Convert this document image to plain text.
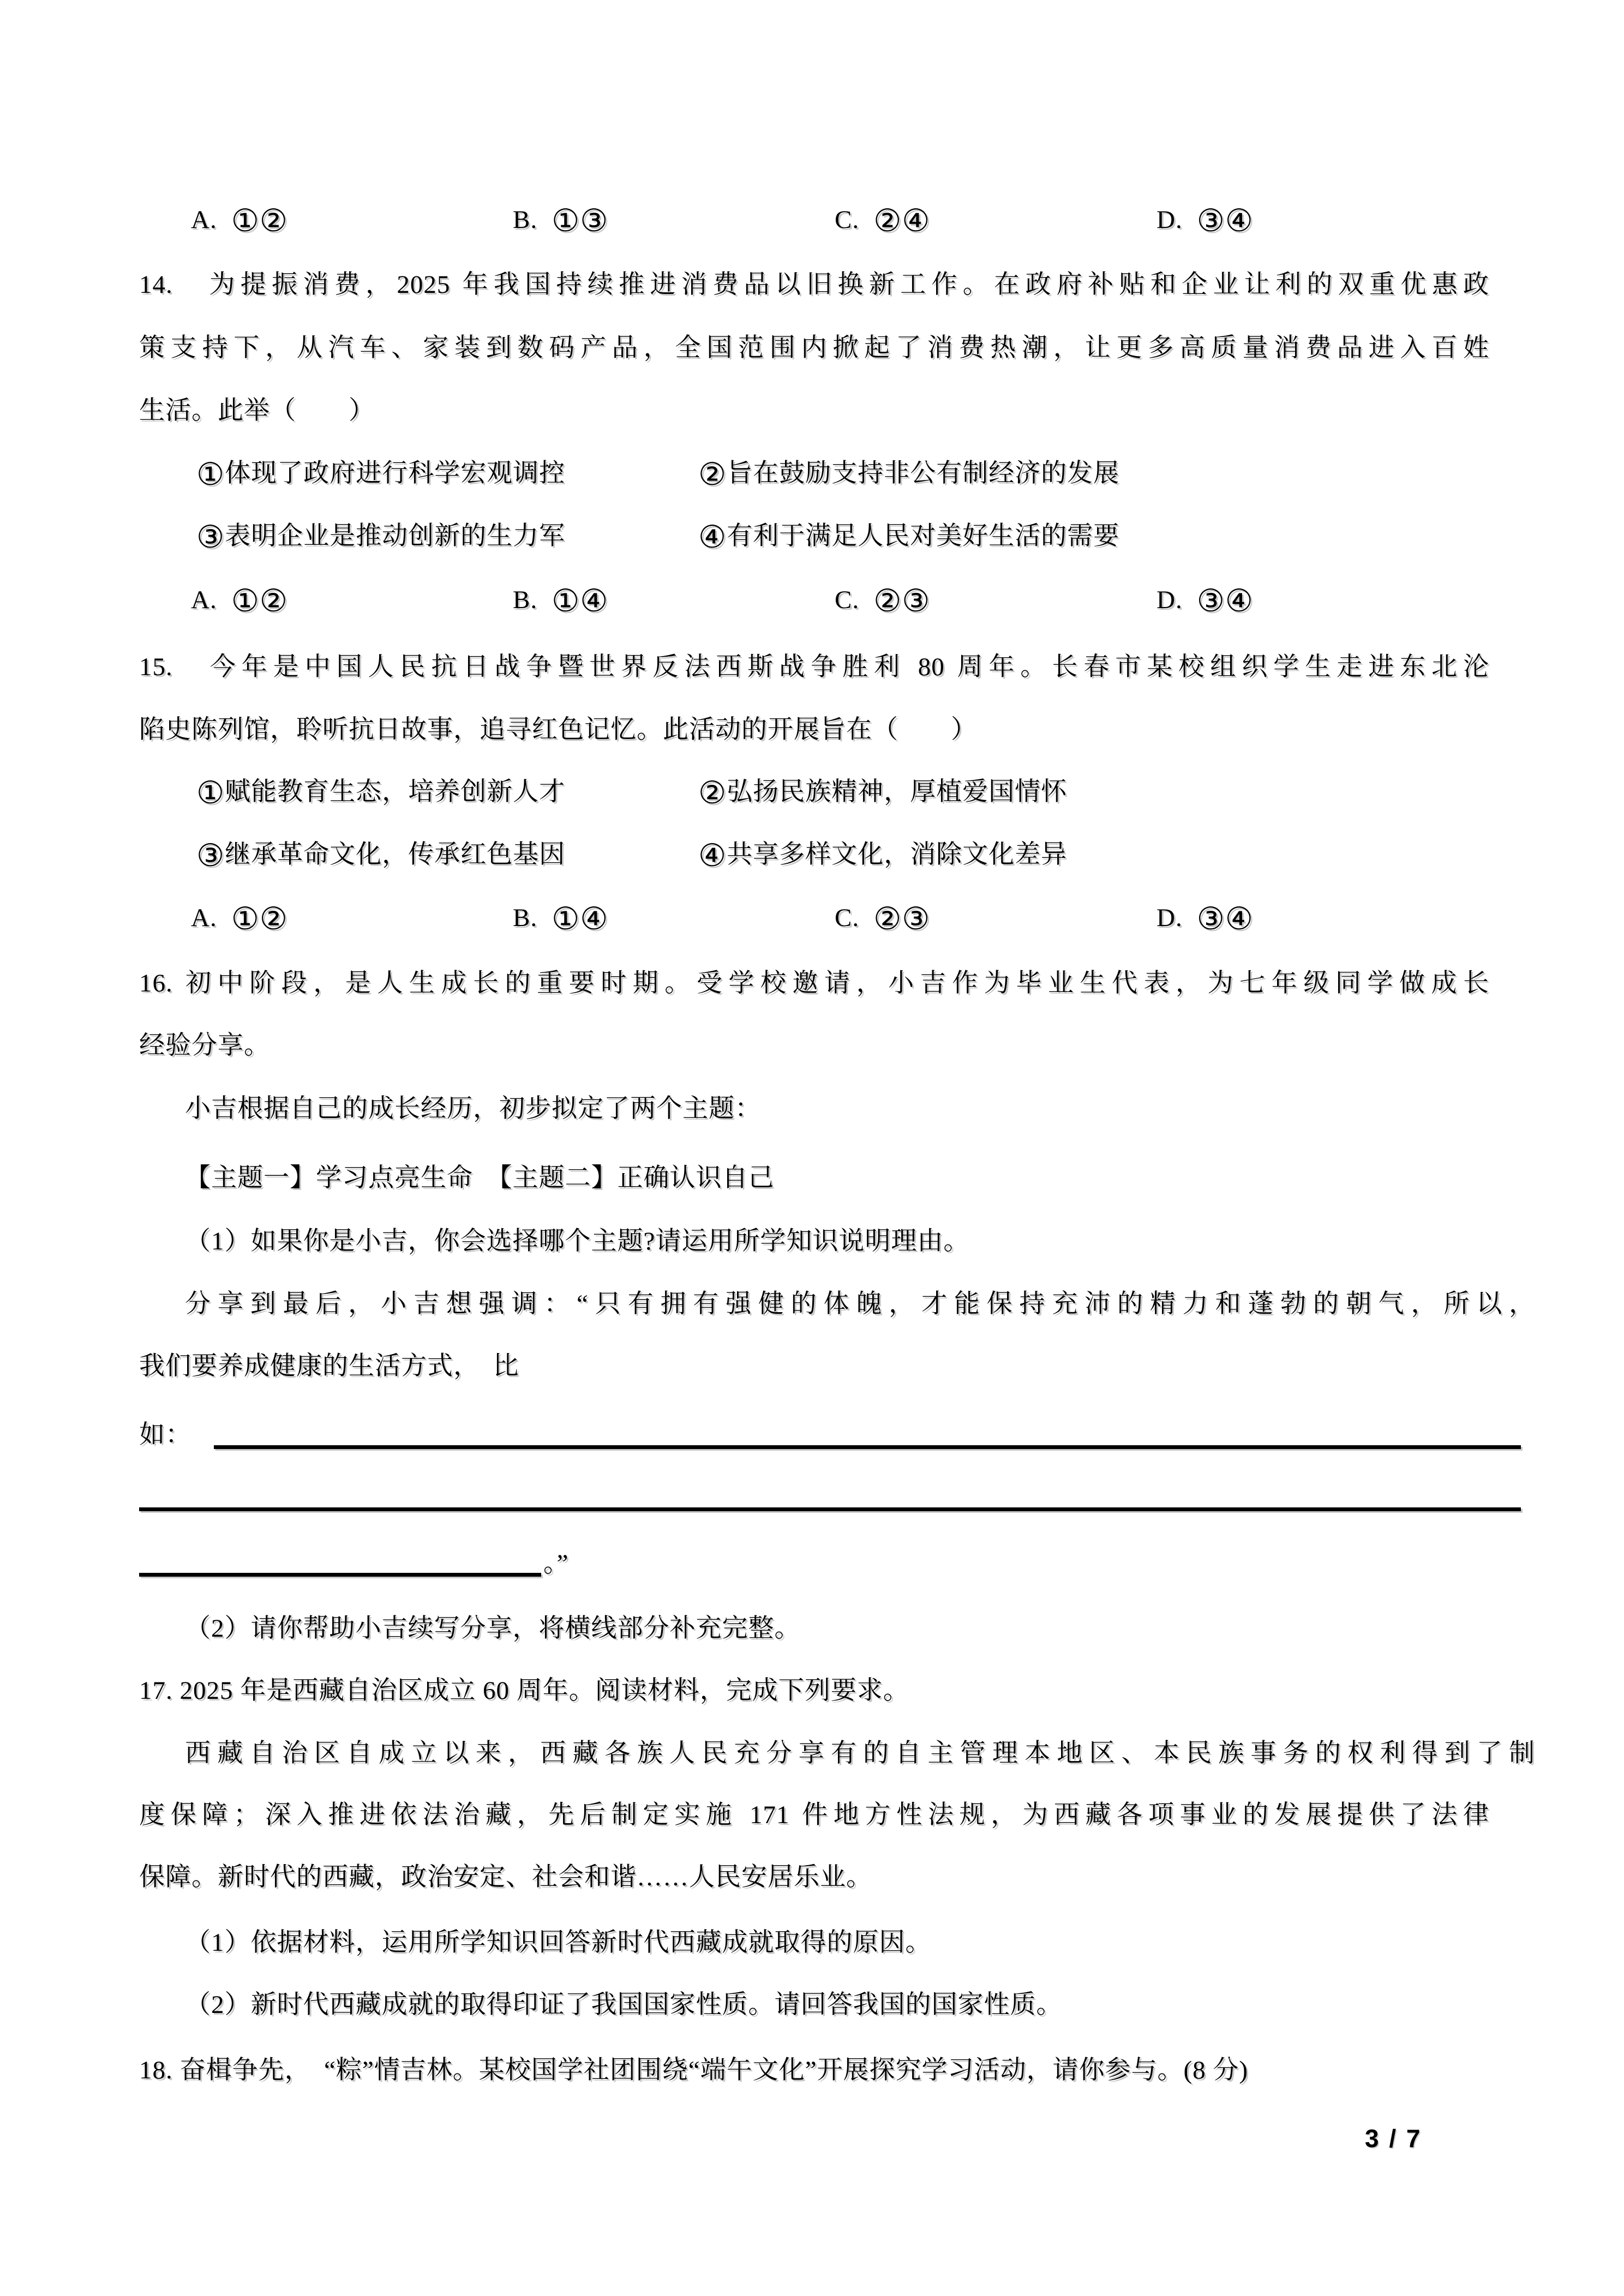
A. ①②	B. ①③	C. ②④	D. ③④
14.　为提振消费，2025 年我国持续推进消费品以旧换新工作。在政府补贴和企业让利的双重优惠政
策支持下，从汽车、家装到数码产品，全国范围内掀起了消费热潮，让更多高质量消费品进入百姓
生活。此举（　　）
①体现了政府进行科学宏观调控	②旨在鼓励支持非公有制经济的发展
③表明企业是推动创新的生力军	④有利于满足人民对美好生活的需要
A. ①②	B. ①④	C. ②③	D. ③④
15.　今年是中国人民抗日战争暨世界反法西斯战争胜利 80 周年。长春市某校组织学生走进东北沦
陷史陈列馆，聆听抗日故事，追寻红色记忆。此活动的开展旨在（　　）
①赋能教育生态，培养创新人才	②弘扬民族精神，厚植爱国情怀
③继承革命文化，传承红色基因	④共享多样文化，消除文化差异
A. ①②	B. ①④	C. ②③	D. ③④
16. 初中阶段，是人生成长的重要时期。受学校邀请，小吉作为毕业生代表，为七年级同学做成长
经验分享。
小吉根据自己的成长经历，初步拟定了两个主题：
【主题一】学习点亮生命　【主题二】正确认识自己
（1）如果你是小吉，你会选择哪个主题?请运用所学知识说明理由。
分享到最后，小吉想强调：“只有拥有强健的体魄，才能保持充沛的精力和蓬勃的朝气，所以，
我们要养成健康的生活方式，　比
如：
。”
（2）请你帮助小吉续写分享，将横线部分补充完整。
17. 2025 年是西藏自治区成立 60 周年。阅读材料，完成下列要求。
西藏自治区自成立以来，西藏各族人民充分享有的自主管理本地区、本民族事务的权利得到了制
度保障；深入推进依法治藏，先后制定实施 171 件地方性法规，为西藏各项事业的发展提供了法律
保障。新时代的西藏，政治安定、社会和谐……人民安居乐业。
（1）依据材料，运用所学知识回答新时代西藏成就取得的原因。
（2）新时代西藏成就的取得印证了我国国家性质。请回答我国的国家性质。
18. 奋楫争先，　“粽”情吉林。某校国学社团围绕“端午文化”开展探究学习活动，请你参与。(8 分)
3 / 7
